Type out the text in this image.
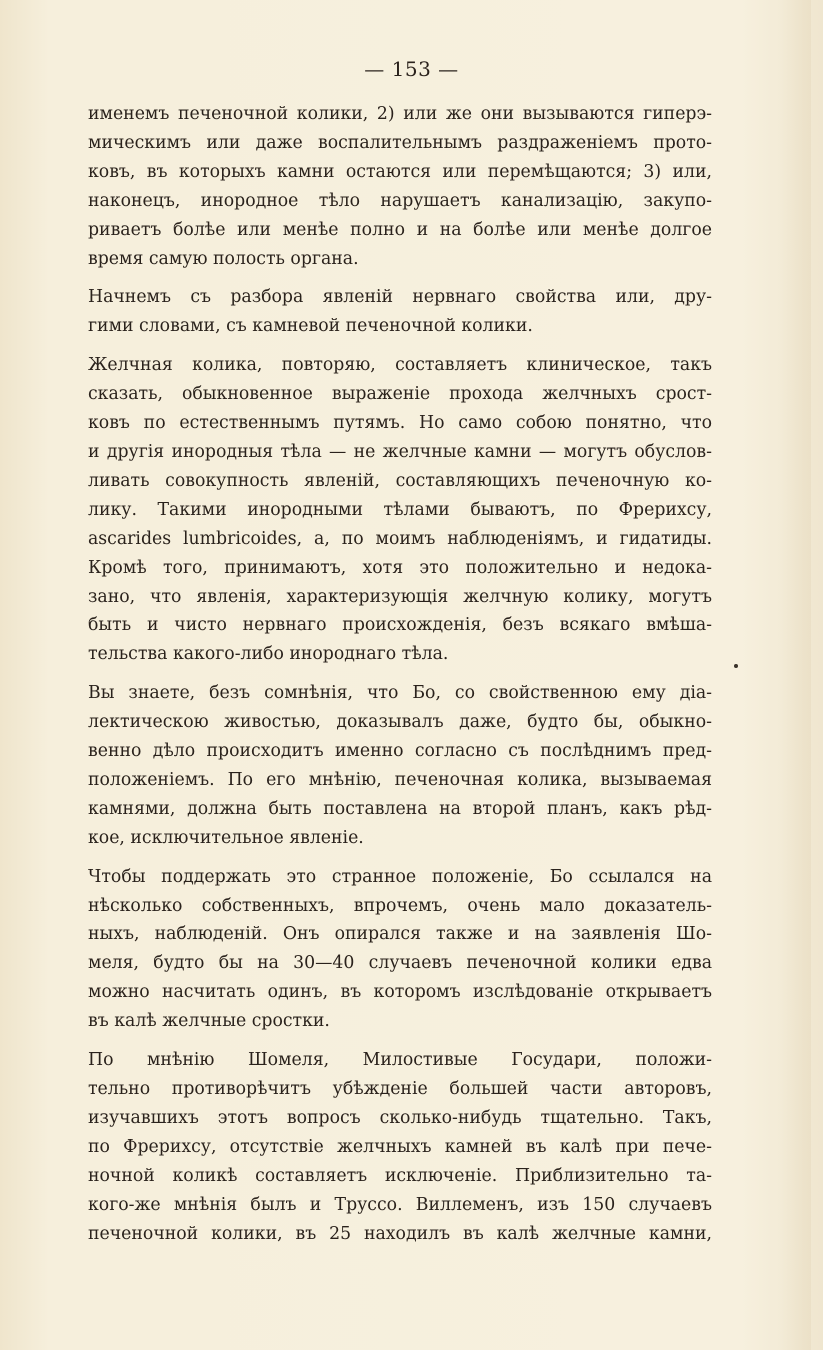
— 153 —
именемъ печеночной колики, 2) или же они вызываются гиперэ-
мическимъ или даже воспалительнымъ раздраженіемъ прото-
ковъ, въ которыхъ камни остаются или перемѣщаются; 3) или,
наконецъ, инородное тѣло нарушаетъ канализацію, закупо-
риваетъ болѣе или менѣе полно и на болѣе или менѣе долгое
время самую полость органа.
Начнемъ съ разбора явленій нервнаго свойства или, дру-
гими словами, съ камневой печеночной колики.
Желчная колика, повторяю, составляетъ клиническое, такъ
сказать, обыкновенное выраженіе прохода желчныхъ срост-
ковъ по естественнымъ путямъ. Но само собою понятно, что
и другія инородныя тѣла — не желчные камни — могутъ обуслов-
ливать совокупность явленій, составляющихъ печеночную ко-
лику. Такими инородными тѣлами бываютъ, по Фрерихсу,
ascarides lumbricoides, а, по моимъ наблюденіямъ, и гидатиды.
Кромѣ того, принимаютъ, хотя это положительно и недока-
зано, что явленія, характеризующія желчную колику, могутъ
быть и чисто нервнаго происхожденія, безъ всякаго вмѣша-
тельства какого-либо инороднаго тѣла.
Вы знаете, безъ сомнѣнія, что Бо, со свойственною ему діа-
лектическою живостью, доказывалъ даже, будто бы, обыкно-
венно дѣло происходитъ именно согласно съ послѣднимъ пред-
положеніемъ. По его мнѣнію, печеночная колика, вызываемая
камнями, должна быть поставлена на второй планъ, какъ рѣд-
кое, исключительное явленіе.
Чтобы поддержать это странное положеніе, Бо ссылался на
нѣсколько собственныхъ, впрочемъ, очень мало доказатель-
ныхъ, наблюденій. Онъ опирался также и на заявленія Шо-
меля, будто бы на 30—40 случаевъ печеночной колики едва
можно насчитать одинъ, въ которомъ изслѣдованіе открываетъ
въ калѣ желчные сростки.
По мнѣнію Шомеля, Милостивые Государи, положи-
тельно противорѣчитъ убѣжденіе большей части авторовъ,
изучавшихъ этотъ вопросъ сколько-нибудь тщательно. Такъ,
по Фрерихсу, отсутствіе желчныхъ камней въ калѣ при пече-
ночной коликѣ составляетъ исключеніе. Приблизительно та-
кого-же мнѣнія былъ и Труссо. Виллеменъ, изъ 150 случаевъ
печеночной колики, въ 25 находилъ въ калѣ желчные камни,
